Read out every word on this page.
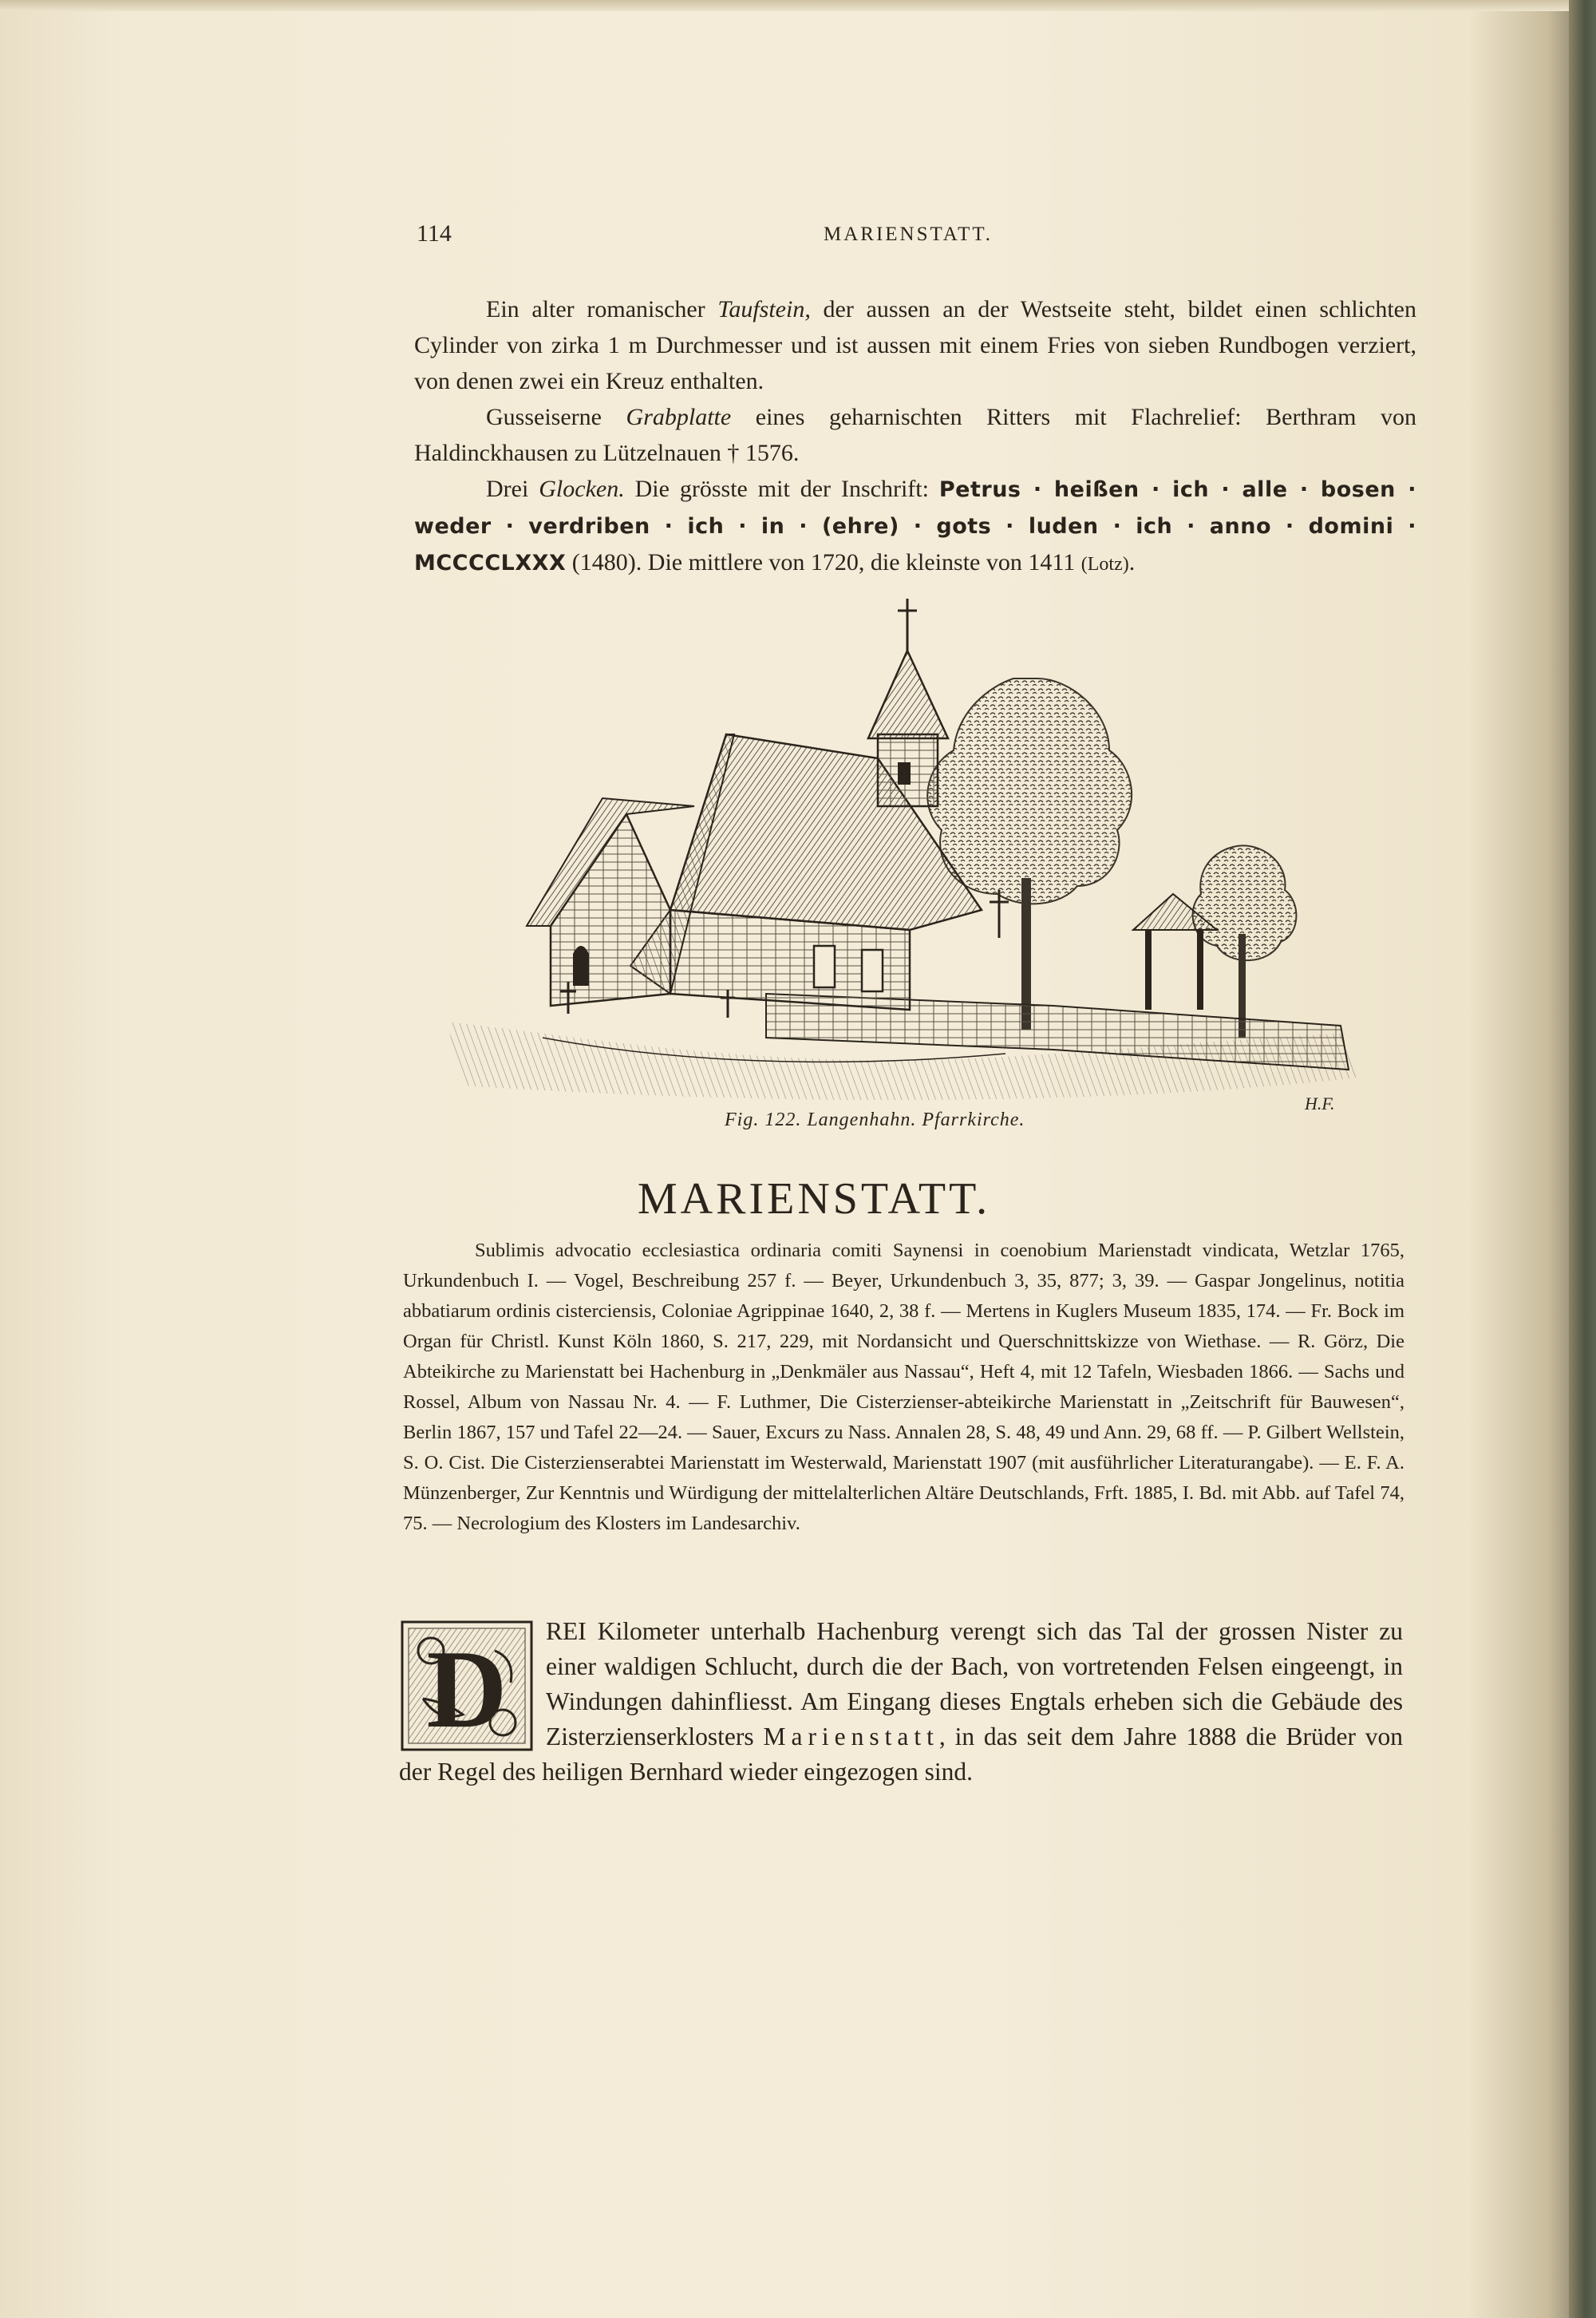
114	MARIENSTATT.

Ein alter romanischer Taufstein, der aussen an der Westseite steht, bildet einen schlichten Cylinder von zirka 1 m Durchmesser und ist aussen mit einem Fries von sieben Rundbogen verziert, von denen zwei ein Kreuz enthalten.

Gusseiserne Grabplatte eines geharnischten Ritters mit Flachrelief: Berthram von Haldinckhausen zu Lützelnauen † 1576.

Drei Glocken. Die grösste mit der Inschrift: Petrus · heißen · ich · alle · bosen · weder · verdriben · ich · in · (ehre) · gots · luden · ich · anno · domini · MCCCCLXXX (1480). Die mittlere von 1720, die kleinste von 1411 (Lotz).

H.F.
Fig. 122. Langenhahn. Pfarrkirche.
MARIENSTATT.

Sublimis advocatio ecclesiastica ordinaria comiti Saynensi in coenobium Marienstadt vindicata, Wetzlar 1765, Urkundenbuch I. — Vogel, Beschreibung 257 f. — Beyer, Urkundenbuch 3, 35, 877; 3, 39. — Gaspar Jongelinus, notitia abbatiarum ordinis cisterciensis, Coloniae Agrippinae 1640, 2, 38 f. — Mertens in Kuglers Museum 1835, 174. — Fr. Bock im Organ für Christl. Kunst Köln 1860, S. 217, 229, mit Nordansicht und Querschnittskizze von Wiethase. — R. Görz, Die Abteikirche zu Marienstatt bei Hachenburg in „Denkmäler aus Nassau“, Heft 4, mit 12 Tafeln, Wiesbaden 1866. — Sachs und Rossel, Album von Nassau Nr. 4. — F. Luthmer, Die Cisterzienser-abteikirche Marienstatt in „Zeitschrift für Bauwesen“, Berlin 1867, 157 und Tafel 22—24. — Sauer, Excurs zu Nass. Annalen 28, S. 48, 49 und Ann. 29, 68 ff. — P. Gilbert Wellstein, S. O. Cist. Die Cisterzienserabtei Marienstatt im Westerwald, Marienstatt 1907 (mit ausführlicher Literaturangabe). — E. F. A. Münzenberger, Zur Kenntnis und Würdigung der mittelalterlichen Altäre Deutschlands, Frft. 1885, I. Bd. mit Abb. auf Tafel 74, 75. — Necrologium des Klosters im Landesarchiv.

D	REI Kilometer unterhalb Hachenburg verengt sich das Tal der grossen Nister zu einer waldigen Schlucht, durch die der Bach, von vortretenden Felsen eingeengt, in Windungen dahinfliesst. Am Eingang dieses Engtals erheben sich die Gebäude des Zisterzienserklosters Marienstatt, in das seit dem Jahre 1888 die Brüder von der Regel des heiligen Bernhard wieder eingezogen sind.
